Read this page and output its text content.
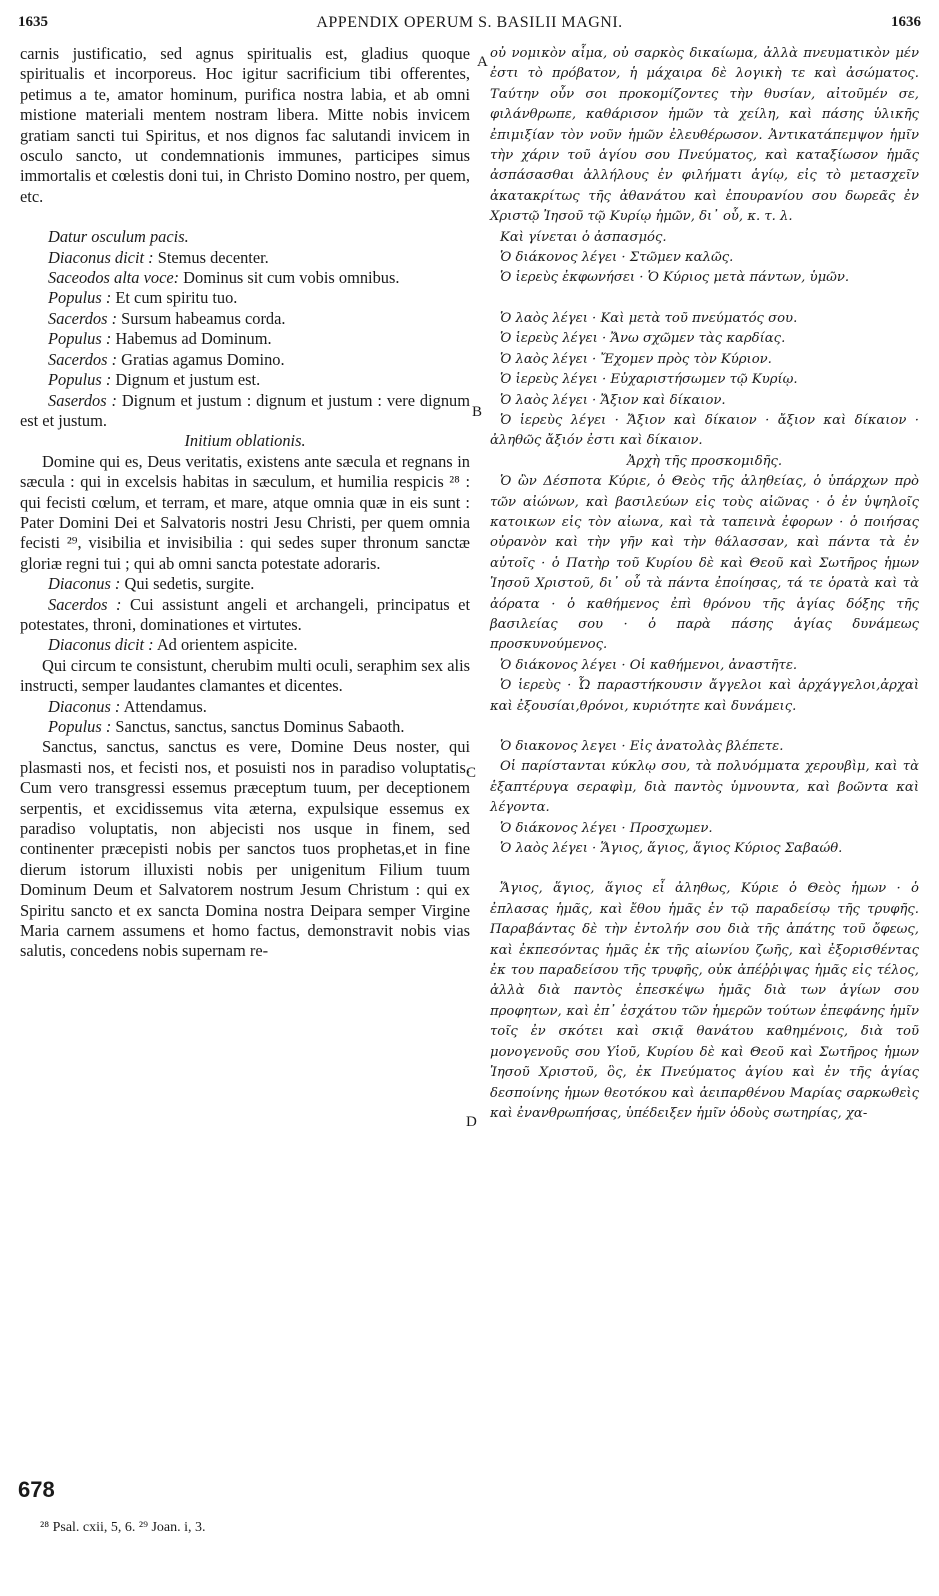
1635	APPENDIX OPERUM S. BASILII MAGNI.	1636
A
B
C
D

carnis justificatio, sed agnus spiritualis est, gladius quoque spiritualis et incorporeus. Hoc igitur sacrificium tibi offerentes, petimus a te, amator hominum, purifica nostra labia, et ab omni mistione materiali mentem nostram libera. Mitte nobis invicem gratiam sancti tui Spiritus, et nos dignos fac salutandi invicem in osculo sancto, ut condemnationis immunes, participes simus immortalis et cœlestis doni tui, in Christo Domino nostro, per quem, etc.

Datur osculum pacis.

Diaconus dicit : Stemus decenter.

Saceodos alta voce: Dominus sit cum vobis omnibus.

Populus : Et cum spiritu tuo.

Sacerdos : Sursum habeamus corda.

Populus : Habemus ad Dominum.

Sacerdos : Gratias agamus Domino.

Populus : Dignum et justum est.

Saserdos : Dignum et justum : dignum et justum : vere dignum est et justum.

Initium oblationis.

Domine qui es, Deus veritatis, existens ante sæcula et regnans in sæcula : qui in excelsis habitas in sæculum, et humilia respicis ²⁸ : qui fecisti cœlum, et terram, et mare, atque omnia quæ in eis sunt : Pater Domini Dei et Salvatoris nostri Jesu Christi, per quem omnia fecisti ²⁹, visibilia et invisibilia : qui sedes super thronum sanctæ gloriæ regni tui ; qui ab omni sancta potestate adoraris.

Diaconus : Qui sedetis, surgite.

Sacerdos : Cui assistunt angeli et archangeli, principatus et potestates, throni, dominationes et virtutes.

Diaconus dicit : Ad orientem aspicite.

Qui circum te consistunt, cherubim multi oculi, seraphim sex alis instructi, semper laudantes clamantes et dicentes.

Diaconus : Attendamus.

Populus : Sanctus, sanctus, sanctus Dominus Sabaoth.

Sanctus, sanctus, sanctus es vere, Domine Deus noster, qui plasmasti nos, et fecisti nos, et posuisti nos in paradiso voluptatis. Cum vero transgressi essemus præceptum tuum, per deceptionem serpentis, et excidissemus vita æterna, expulsique essemus ex paradiso voluptatis, non abjecisti nos usque in finem, sed continenter præcepisti nobis per sanctos tuos prophetas,et in fine dierum istorum illuxisti nobis per unigenitum Filium tuum Dominum Deum et Salvatorem nostrum Jesum Christum : qui ex Spiritu sancto et ex sancta Domina nostra Deipara semper Virgine Maria carnem assumens et homo factus, demonstravit nobis vias salutis, concedens nobis supernam re-

678

οὐ νομικὸν αἷμα, οὐ σαρκὸς δικαίωμα, ἀλλὰ πνευματικὸν μέν ἐστι τὸ πρόβατον, ἡ μάχαιρα δὲ λογικὴ τε καὶ ἀσώματος. Ταύτην οὖν σοι προκομίζοντες τὴν θυσίαν, αἰτοῦμέν σε, φιλάνθρωπε, καθάρισον ἡμῶν τὰ χείλη, καὶ πάσης ὑλικῆς ἐπιμιξίαν τὸν νοῦν ἡμῶν ἐλευθέρωσον. Ἀντικατάπεμψον ἡμῖν τὴν χάριν τοῦ ἁγίου σου Πνεύματος, καὶ καταξίωσον ἡμᾶς ἀσπάσασθαι ἀλλήλους ἐν φιλήματι ἁγίῳ, εἰς τὸ μετασχεῖν ἀκατακρίτως τῆς ἀθανάτου καὶ ἐπουρανίου σου δωρεᾶς ἐν Χριστῷ Ἰησοῦ τῷ Κυρίῳ ἡμῶν, δι᾽ οὗ, κ. τ. λ.

Καὶ γίνεται ὁ ἀσπασμός.

Ὁ διάκονος λέγει · Στῶμεν καλῶς.

Ὁ ἱερεὺς ἐκφωνήσει · Ὁ Κύριος μετὰ πάντων, ὑμῶν.

Ὁ λαὸς λέγει · Καὶ μετὰ τοῦ πνεύματός σου.

Ὁ ἱερεὺς λέγει · Ἄνω σχῶμεν τὰς καρδίας.

Ὁ λαὸς λέγει · Ἔχομεν πρὸς τὸν Κύριον.

Ὁ ἱερεὺς λέγει · Εὐχαριστήσωμεν τῷ Κυρίῳ.

Ὁ λαὸς λέγει · Ἄξιον καὶ δίκαιον.

Ὁ ἱερεὺς λέγει · Ἄξιον καὶ δίκαιον · ἄξιον καὶ δίκαιον · ἀληθῶς ἄξιόν ἐστι καὶ δίκαιον.

Ἀρχὴ τῆς προσκομιδῆς.

Ὁ ὢν Δέσποτα Κύριε, ὁ Θεὸς τῆς ἀληθείας, ὁ ὑπάρχων πρὸ τῶν αἰώνων, καὶ βασιλεύων εἰς τοὺς αἰῶνας · ὁ ἐν ὑψηλοῖς κατοικων εἰς τὸν αἰωνα, καὶ τὰ ταπεινὰ ἐφορων · ὁ ποιήσας οὐρανὸν καὶ τὴν γῆν καὶ τὴν θάλασσαν, καὶ πάντα τὰ ἐν αὐτοῖς · ὁ Πατὴρ τοῦ Κυρίου δὲ καὶ Θεοῦ καὶ Σωτῆρος ἡμων Ἰησοῦ Χριστοῦ, δι᾽ οὗ τὰ πάντα ἐποίησας, τά τε ὁρατὰ καὶ τὰ ἀόρατα · ὁ καθήμενος ἐπὶ θρόνου τῆς ἁγίας δόξης τῆς βασιλείας σου · ὁ παρὰ πάσης ἁγίας δυνάμεως προσκυνούμενος.

Ὁ διάκονος λέγει · Οἱ καθήμενοι, ἀναστῆτε.

Ὁ ἱερεὺς · Ὦ παραστήκουσιν ἄγγελοι καὶ ἀρχάγγελοι,ἀρχαὶ καὶ ἐξουσίαι,θρόνοι, κυριότητε καὶ δυνάμεις.

Ὁ διακονος λεγει · Εἰς ἀνατολὰς βλέπετε.

Οἱ παρίστανται κύκλῳ σου, τὰ πολυόμματα χερουβὶμ, καὶ τὰ ἑξαπτέρυγα σεραφὶμ, διὰ παντὸς ὑμνουντα, καὶ βοῶντα καὶ λέγοντα.

Ὁ διάκονος λέγει · Προσχωμεν.

Ὁ λαὸς λέγει · Ἅγιος, ἅγιος, ἅγιος Κύριος Σαβαώθ.

Ἅγιος, ἅγιος, ἅγιος εἶ ἀληθως, Κύριε ὁ Θεὸς ἡμων · ὁ ἐπλασας ἡμᾶς, καὶ ἔθου ἡμᾶς ἐν τῷ παραδείσῳ τῆς τρυφῆς. Παραβάντας δὲ τὴν ἐντολήν σου διὰ τῆς ἀπάτης τοῦ ὄφεως, καὶ ἐκπεσόντας ἡμᾶς ἐκ τῆς αἰωνίου ζωῆς, καὶ ἐξορισθέντας ἐκ του παραδείσου τῆς τρυφῆς, οὐκ ἀπέῤῥιψας ἡμᾶς εἰς τέλος, ἀλλὰ διὰ παντὸς ἐπεσκέψω ἡμᾶς διὰ των ἁγίων σου προφητων, καὶ ἐπ᾽ ἐσχάτου τῶν ἡμερῶν τούτων ἐπεφάνης ἡμῖν τοῖς ἐν σκότει καὶ σκιᾷ θανάτου καθημένοις, διὰ τοῦ μονογενοῦς σου Υἱοῦ, Κυρίου δὲ καὶ Θεοῦ καὶ Σωτῆρος ἡμων Ἰησοῦ Χριστοῦ, ὃς, ἐκ Πνεύματος ἁγίου καὶ ἐν τῆς ἁγίας δεσποίνης ἡμων θεοτόκου καὶ ἀειπαρθένου Μαρίας σαρκωθεὶς καὶ ἐνανθρωπήσας, ὑπέδειξεν ἡμῖν ὁδοὺς σωτηρίας, χα-

²⁸ Psal. cxii, 5, 6. ²⁹ Joan. i, 3.
